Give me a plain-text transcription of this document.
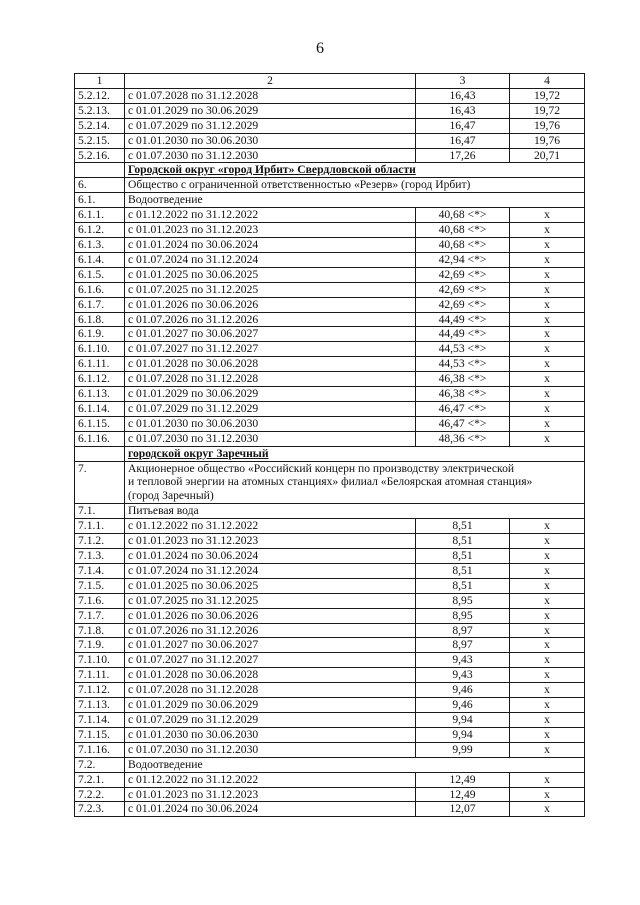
6
1	2	3	4
5.2.12.	с 01.07.2028 по 31.12.2028	16,43	19,72
5.2.13.	с 01.01.2029 по 30.06.2029	16,43	19,72
5.2.14.	с 01.07.2029 по 31.12.2029	16,47	19,76
5.2.15.	с 01.01.2030 по 30.06.2030	16,47	19,76
5.2.16.	с 01.07.2030 по 31.12.2030	17,26	20,71
	Городской округ «город Ирбит» Свердловской области		
6.	Общество с ограниченной ответственностью «Резерв» (город Ирбит)		

6.1.	Водоотведение		
6.1.1.	с 01.12.2022 по 31.12.2022	40,68 <*>	x
6.1.2.	с 01.01.2023 по 31.12.2023	40,68 <*>	x
6.1.3.	с 01.01.2024 по 30.06.2024	40,68 <*>	x
6.1.4.	с 01.07.2024 по 31.12.2024	42,94 <*>	x
6.1.5.	с 01.01.2025 по 30.06.2025	42,69 <*>	x
6.1.6.	с 01.07.2025 по 31.12.2025	42,69 <*>	x
6.1.7.	с 01.01.2026 по 30.06.2026	42,69 <*>	x
6.1.8.	с 01.07.2026 по 31.12.2026	44,49 <*>	x
6.1.9.	с 01.01.2027 по 30.06.2027	44,49 <*>	x
6.1.10.	с 01.07.2027 по 31.12.2027	44,53 <*>	x
6.1.11.	с 01.01.2028 по 30.06.2028	44,53 <*>	x
6.1.12.	с 01.07.2028 по 31.12.2028	46,38 <*>	x
6.1.13.	с 01.01.2029 по 30.06.2029	46,38 <*>	x
6.1.14.	с 01.07.2029 по 31.12.2029	46,47 <*>	x
6.1.15.	с 01.01.2030 по 30.06.2030	46,47 <*>	x
6.1.16.	с 01.07.2030 по 31.12.2030	48,36 <*>	x
	городской округ Заречный		
7.	Акционерное общество «Российский концерн по производству электрической
и тепловой энергии на атомных станциях» филиал «Белоярская атомная станция»
(город Заречный)		

7.1.	Питьевая вода		
7.1.1.	с 01.12.2022 по 31.12.2022	8,51	x
7.1.2.	с 01.01.2023 по 31.12.2023	8,51	x
7.1.3.	с 01.01.2024 по 30.06.2024	8,51	x
7.1.4.	с 01.07.2024 по 31.12.2024	8,51	x
7.1.5.	с 01.01.2025 по 30.06.2025	8,51	x
7.1.6.	с 01.07.2025 по 31.12.2025	8,95	x
7.1.7.	с 01.01.2026 по 30.06.2026	8,95	x
7.1.8.	с 01.07.2026 по 31.12.2026	8,97	x
7.1.9.	с 01.01.2027 по 30.06.2027	8,97	x
7.1.10.	с 01.07.2027 по 31.12.2027	9,43	x
7.1.11.	с 01.01.2028 по 30.06.2028	9,43	x
7.1.12.	с 01.07.2028 по 31.12.2028	9,46	x
7.1.13.	с 01.01.2029 по 30.06.2029	9,46	x
7.1.14.	с 01.07.2029 по 31.12.2029	9,94	x
7.1.15.	с 01.01.2030 по 30.06.2030	9,94	x
7.1.16.	с 01.07.2030 по 31.12.2030	9,99	x
7.2.	Водоотведение		
7.2.1.	с 01.12.2022 по 31.12.2022	12,49	x
7.2.2.	с 01.01.2023 по 31.12.2023	12,49	x
7.2.3.	с 01.01.2024 по 30.06.2024	12,07	x
